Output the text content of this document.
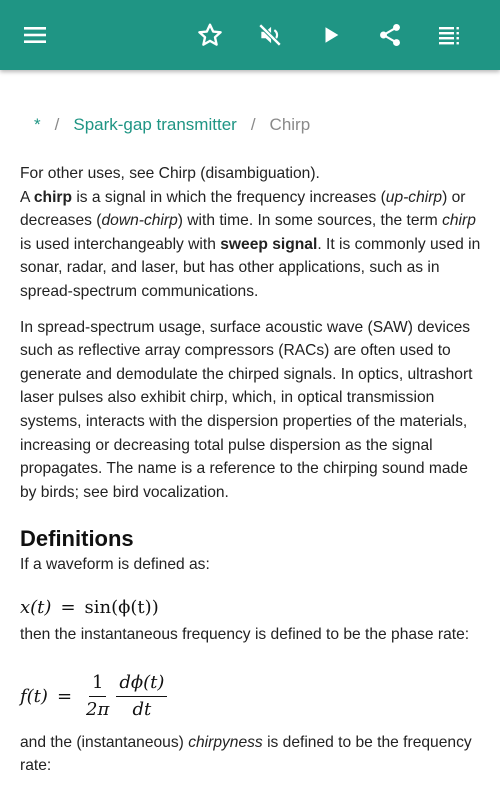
* / Spark-gap transmitter / Chirp

For other uses, see Chirp (disambiguation).

A chirp is a signal in which the frequency increases (up-chirp) or decreases (down-chirp) with time. In some sources, the term chirp is used interchangeably with sweep signal. It is commonly used in sonar, radar, and laser, but has other applications, such as in spread-spectrum communications.

In spread-spectrum usage, surface acoustic wave (SAW) devices such as reflective array compressors (RACs) are often used to generate and demodulate the chirped signals. In optics, ultrashort laser pulses also exhibit chirp, which, in optical transmission systems, interacts with the dispersion properties of the materials, increasing or decreasing total pulse dispersion as the signal propagates. The name is a reference to the chirping sound made by birds; see bird vocalization.

Definitions

If a waveform is defined as:

x(t) = sin(ϕ(t))

then the instantaneous frequency is defined to be the phase rate:

$f(t) = \frac{1}{2\pi} \frac{d\phi(t)}{dt}$

and the (instantaneous) chirpyness is defined to be the frequency rate:
